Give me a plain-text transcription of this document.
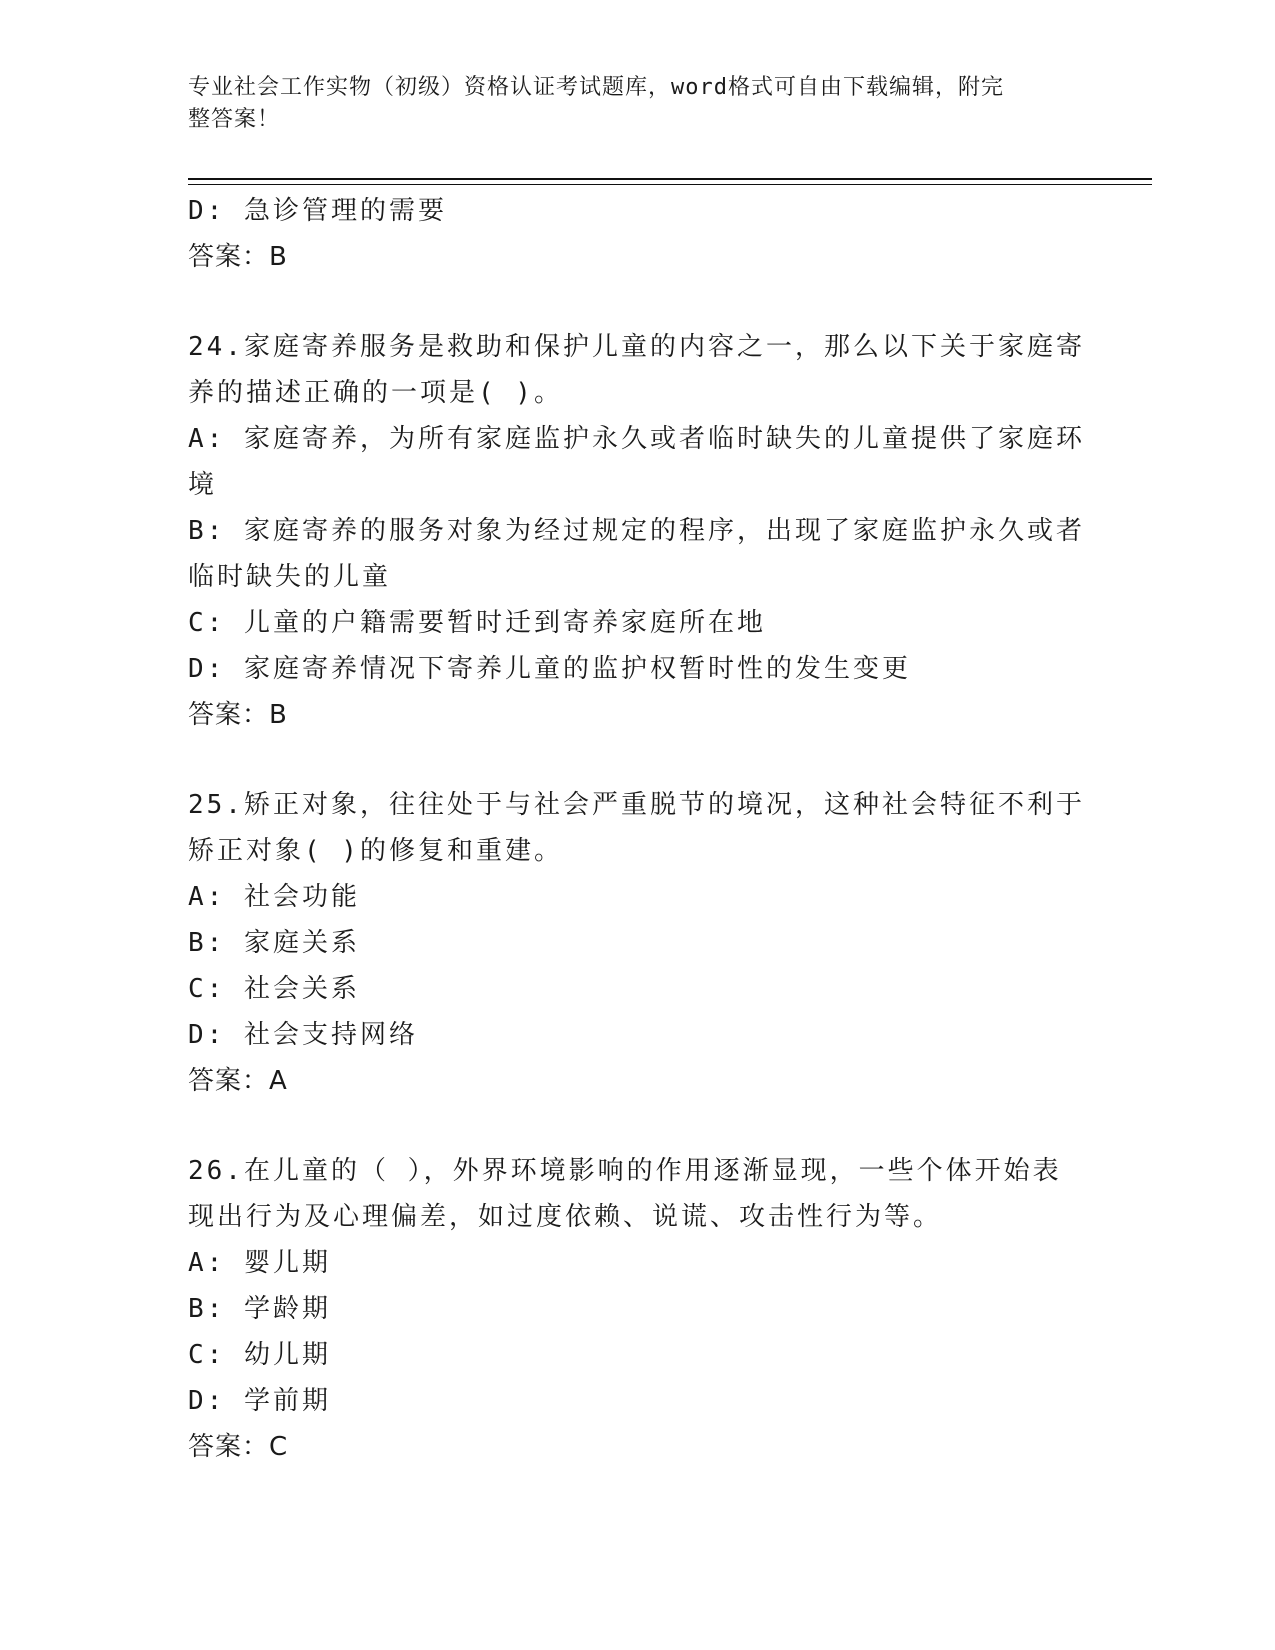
专业社会工作实物（初级）资格认证考试题库，word格式可自由下载编辑，附完
整答案！
D: 急诊管理的需要
答案：B
24.家庭寄养服务是救助和保护儿童的内容之一，那么以下关于家庭寄
养的描述正确的一项是( )。
A: 家庭寄养，为所有家庭监护永久或者临时缺失的儿童提供了家庭环
境
B: 家庭寄养的服务对象为经过规定的程序，出现了家庭监护永久或者
临时缺失的儿童
C: 儿童的户籍需要暂时迁到寄养家庭所在地
D: 家庭寄养情况下寄养儿童的监护权暂时性的发生变更
答案：B
25.矫正对象，往往处于与社会严重脱节的境况，这种社会特征不利于
矫正对象( )的修复和重建。
A: 社会功能
B: 家庭关系
C: 社会关系
D: 社会支持网络
答案：A
26.在儿童的（ ），外界环境影响的作用逐渐显现，一些个体开始表
现出行为及心理偏差，如过度依赖、说谎、攻击性行为等。
A: 婴儿期
B: 学龄期
C: 幼儿期
D: 学前期
答案：C
